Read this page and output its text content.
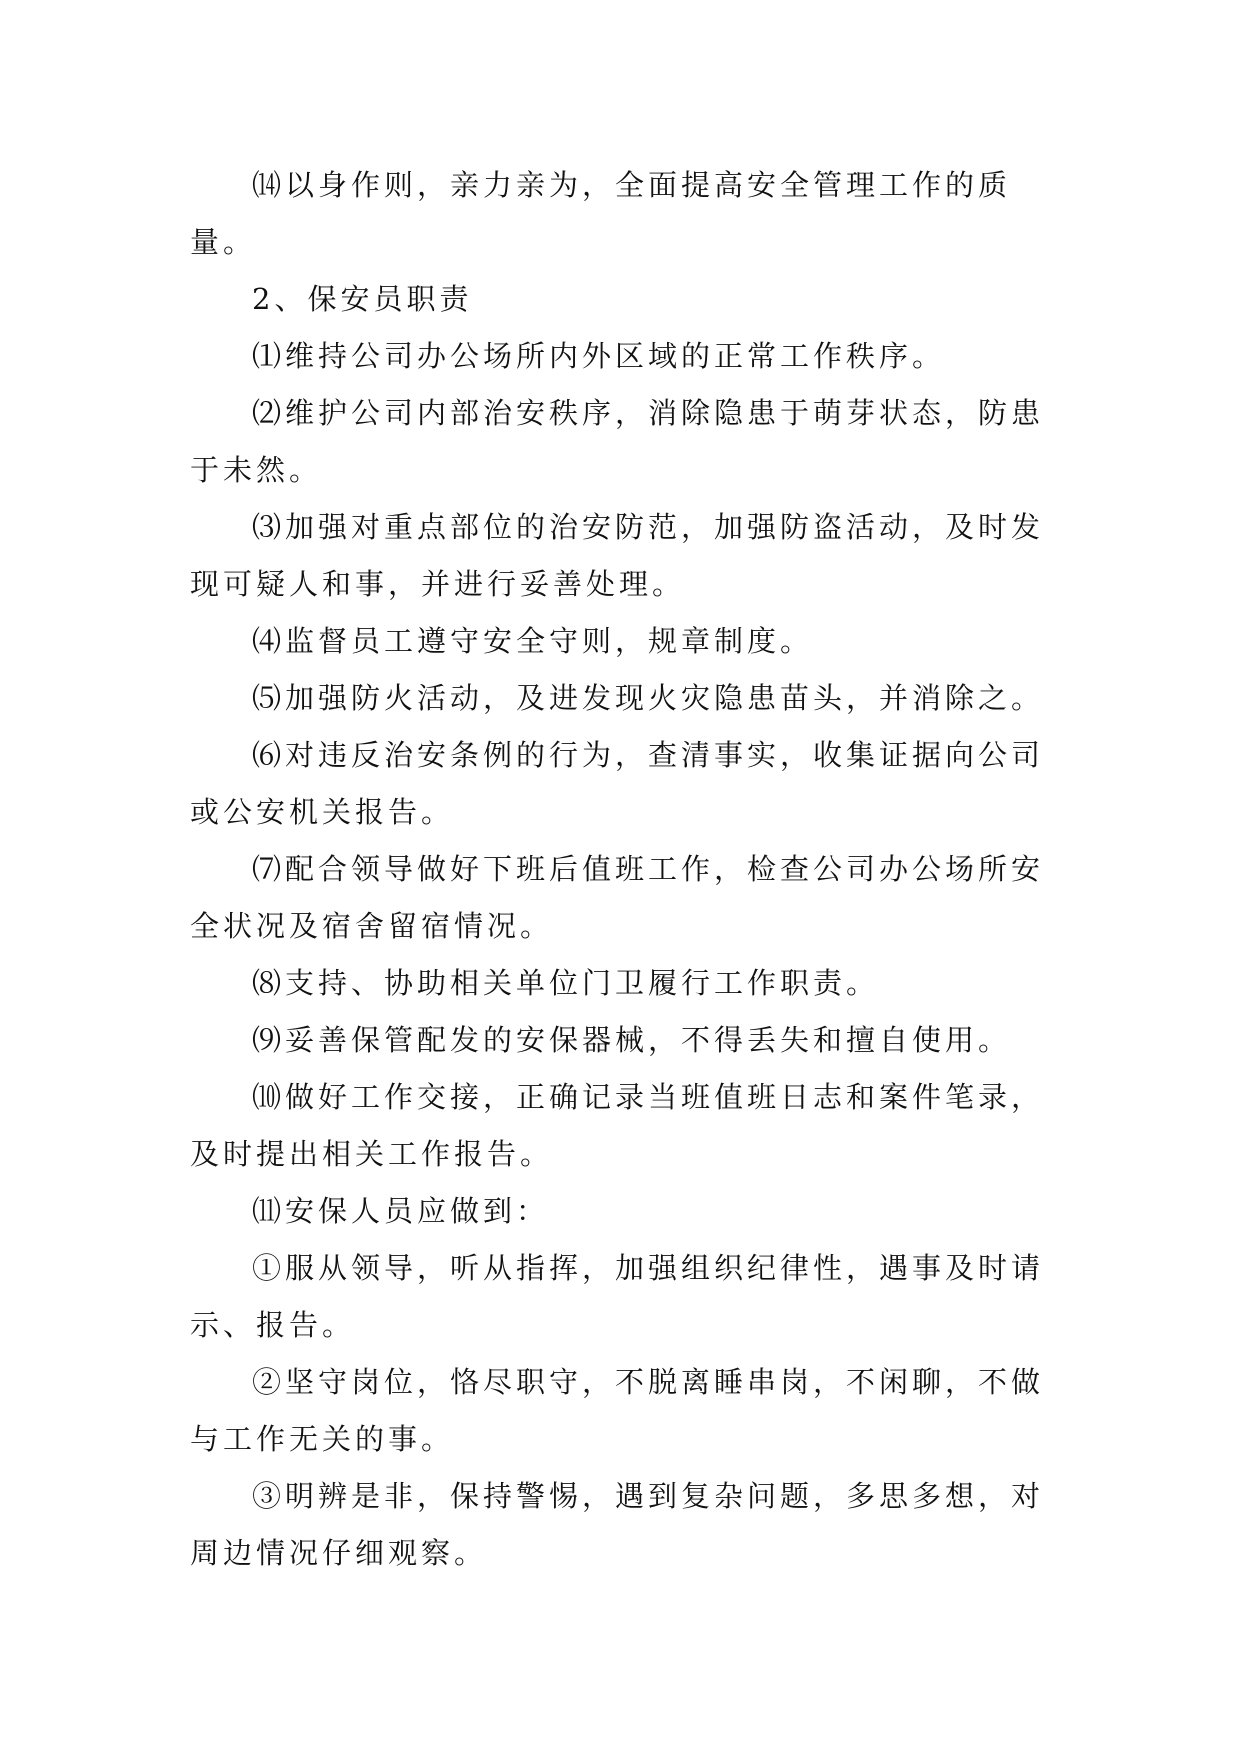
⒁以身作则，亲力亲为，全面提高安全管理工作的质量。

2、保安员职责

⑴维持公司办公场所内外区域的正常工作秩序。

⑵维护公司内部治安秩序，消除隐患于萌芽状态，防患于未然。

⑶加强对重点部位的治安防范，加强防盗活动，及时发现可疑人和事，并进行妥善处理。

⑷监督员工遵守安全守则，规章制度。

⑸加强防火活动，及进发现火灾隐患苗头，并消除之。

⑹对违反治安条例的行为，查清事实，收集证据向公司或公安机关报告。

⑺配合领导做好下班后值班工作，检查公司办公场所安全状况及宿舍留宿情况。

⑻支持、协助相关单位门卫履行工作职责。

⑼妥善保管配发的安保器械，不得丢失和擅自使用。

⑽做好工作交接，正确记录当班值班日志和案件笔录，及时提出相关工作报告。

⑾安保人员应做到：

①服从领导，听从指挥，加强组织纪律性，遇事及时请示、报告。

②坚守岗位，恪尽职守，不脱离睡串岗，不闲聊，不做与工作无关的事。

③明辨是非，保持警惕，遇到复杂问题，多思多想，对周边情况仔细观察。
